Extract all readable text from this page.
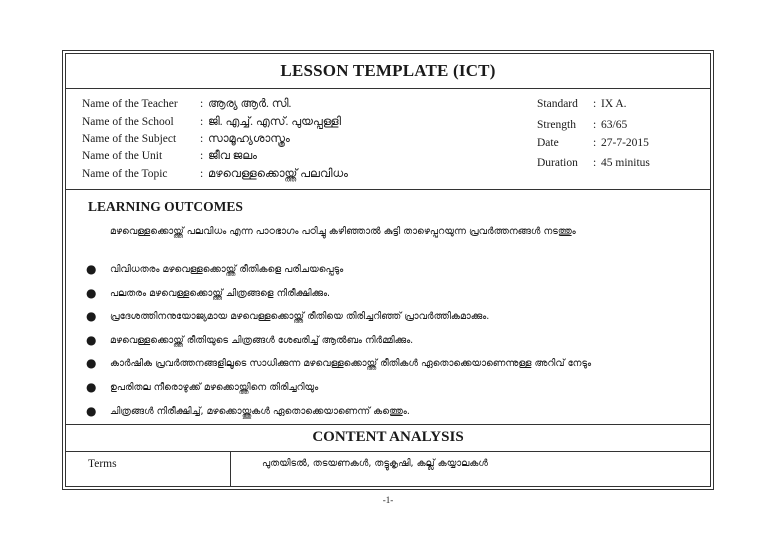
LESSON TEMPLATE (ICT)
Name of the Teacher : ആര്യ ആർ. സി.
Name of the School : ജി. എച്ച്. എസ്. പുയപ്പള്ളി
Name of the Subject : സാമൂഹ്യശാസ്ത്രം
Name of the Unit	: ജീവ ജലം
Name of the Topic	: മഴവെള്ളക്കൊയ്ത്ത് പലവിധം
Standard : IX A.
Strength : 63/65
Date	: 27-7-2015
Duration : 45 minitus
LEARNING OUTCOMES
മഴവെള്ളക്കൊയ്ത്ത് പലവിധം എന്ന പാഠഭാഗം പഠിച്ചു കഴിഞ്ഞാൽ കുട്ടി താഴെപ്പറയുന്ന പ്രവർത്തനങ്ങൾ നടത്തും
● വിവിധതരം മഴവെള്ളക്കൊയ്ത്ത് രീതികളെ പരിചയപ്പെടും
● പലതരം മഴവെള്ളക്കൊയ്ത്ത് ചിത്രങ്ങളെ നിരീക്ഷിക്കും.
● പ്രദേശത്തിനനുയോജ്യമായ മഴവെള്ളക്കൊയ്ത്ത് രീതിയെ തിരിച്ചറിഞ്ഞ് പ്രാവർത്തികമാക്കും.
● മഴവെള്ളക്കൊയ്ത്ത് രീതിയുടെ ചിത്രങ്ങൾ ശേഖരിച്ച് ആൽബം നിർമ്മിക്കും.
● കാർഷിക പ്രവർത്തനങ്ങളിലൂടെ സാധിക്കുന്ന മഴവെള്ളക്കൊയ്ത്ത് രീതികൾ ഏതൊക്കെയാണെന്നുള്ള അറിവ് നേടും
● ഉപരിതല നീരൊഴുക്ക് മഴക്കൊയ്ത്തിനെ തിരിച്ചറിയും
● ചിത്രങ്ങൾ നിരീക്ഷിച്ച്, മഴക്കൊയ്ത്തുകൾ ഏതൊക്കെയാണെന്ന് കത്തെും.
CONTENT ANALYSIS
Terms	പുതയിടൽ, തടയണകൾ, തട്ടുകൃഷി, കല്ല് കയ്യാലകൾ
-1-
